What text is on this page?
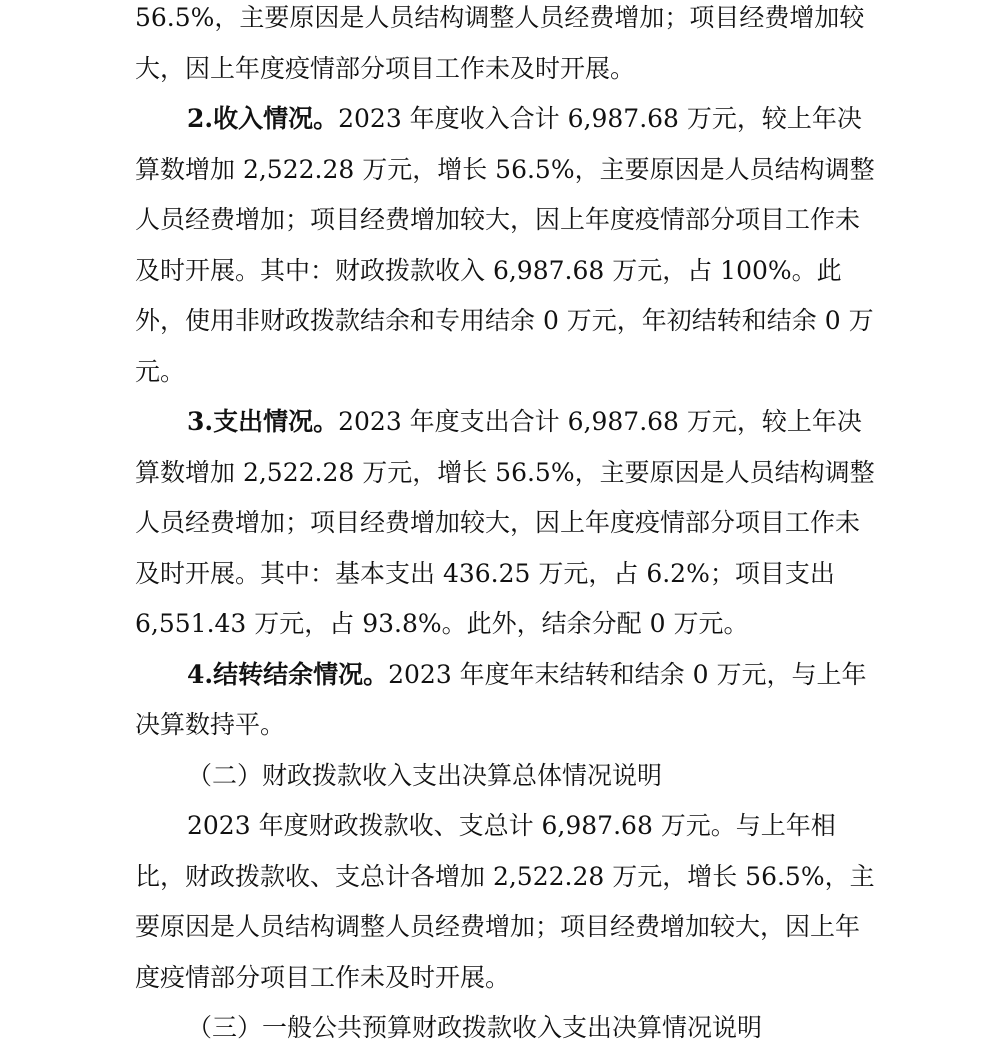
56.5%，主要原因是人员结构调整人员经费增加；项目经费增加较大，因上年度疫情部分项目工作未及时开展。

2.收入情况。2023 年度收入合计 6,987.68 万元，较上年决算数增加 2,522.28 万元，增长 56.5%，主要原因是人员结构调整人员经费增加；项目经费增加较大，因上年度疫情部分项目工作未及时开展。其中：财政拨款收入 6,987.68 万元，占 100%。此外，使用非财政拨款结余和专用结余 0 万元，年初结转和结余 0 万元。

3.支出情况。2023 年度支出合计 6,987.68 万元，较上年决算数增加 2,522.28 万元，增长 56.5%，主要原因是人员结构调整人员经费增加；项目经费增加较大，因上年度疫情部分项目工作未及时开展。其中：基本支出 436.25 万元，占 6.2%；项目支出 6,551.43 万元，占 93.8%。此外，结余分配 0 万元。

4.结转结余情况。2023 年度年末结转和结余 0 万元，与上年决算数持平。

（二）财政拨款收入支出决算总体情况说明

2023 年度财政拨款收、支总计 6,987.68 万元。与上年相比，财政拨款收、支总计各增加 2,522.28 万元，增长 56.5%，主要原因是人员结构调整人员经费增加；项目经费增加较大，因上年度疫情部分项目工作未及时开展。

（三）一般公共预算财政拨款收入支出决算情况说明
